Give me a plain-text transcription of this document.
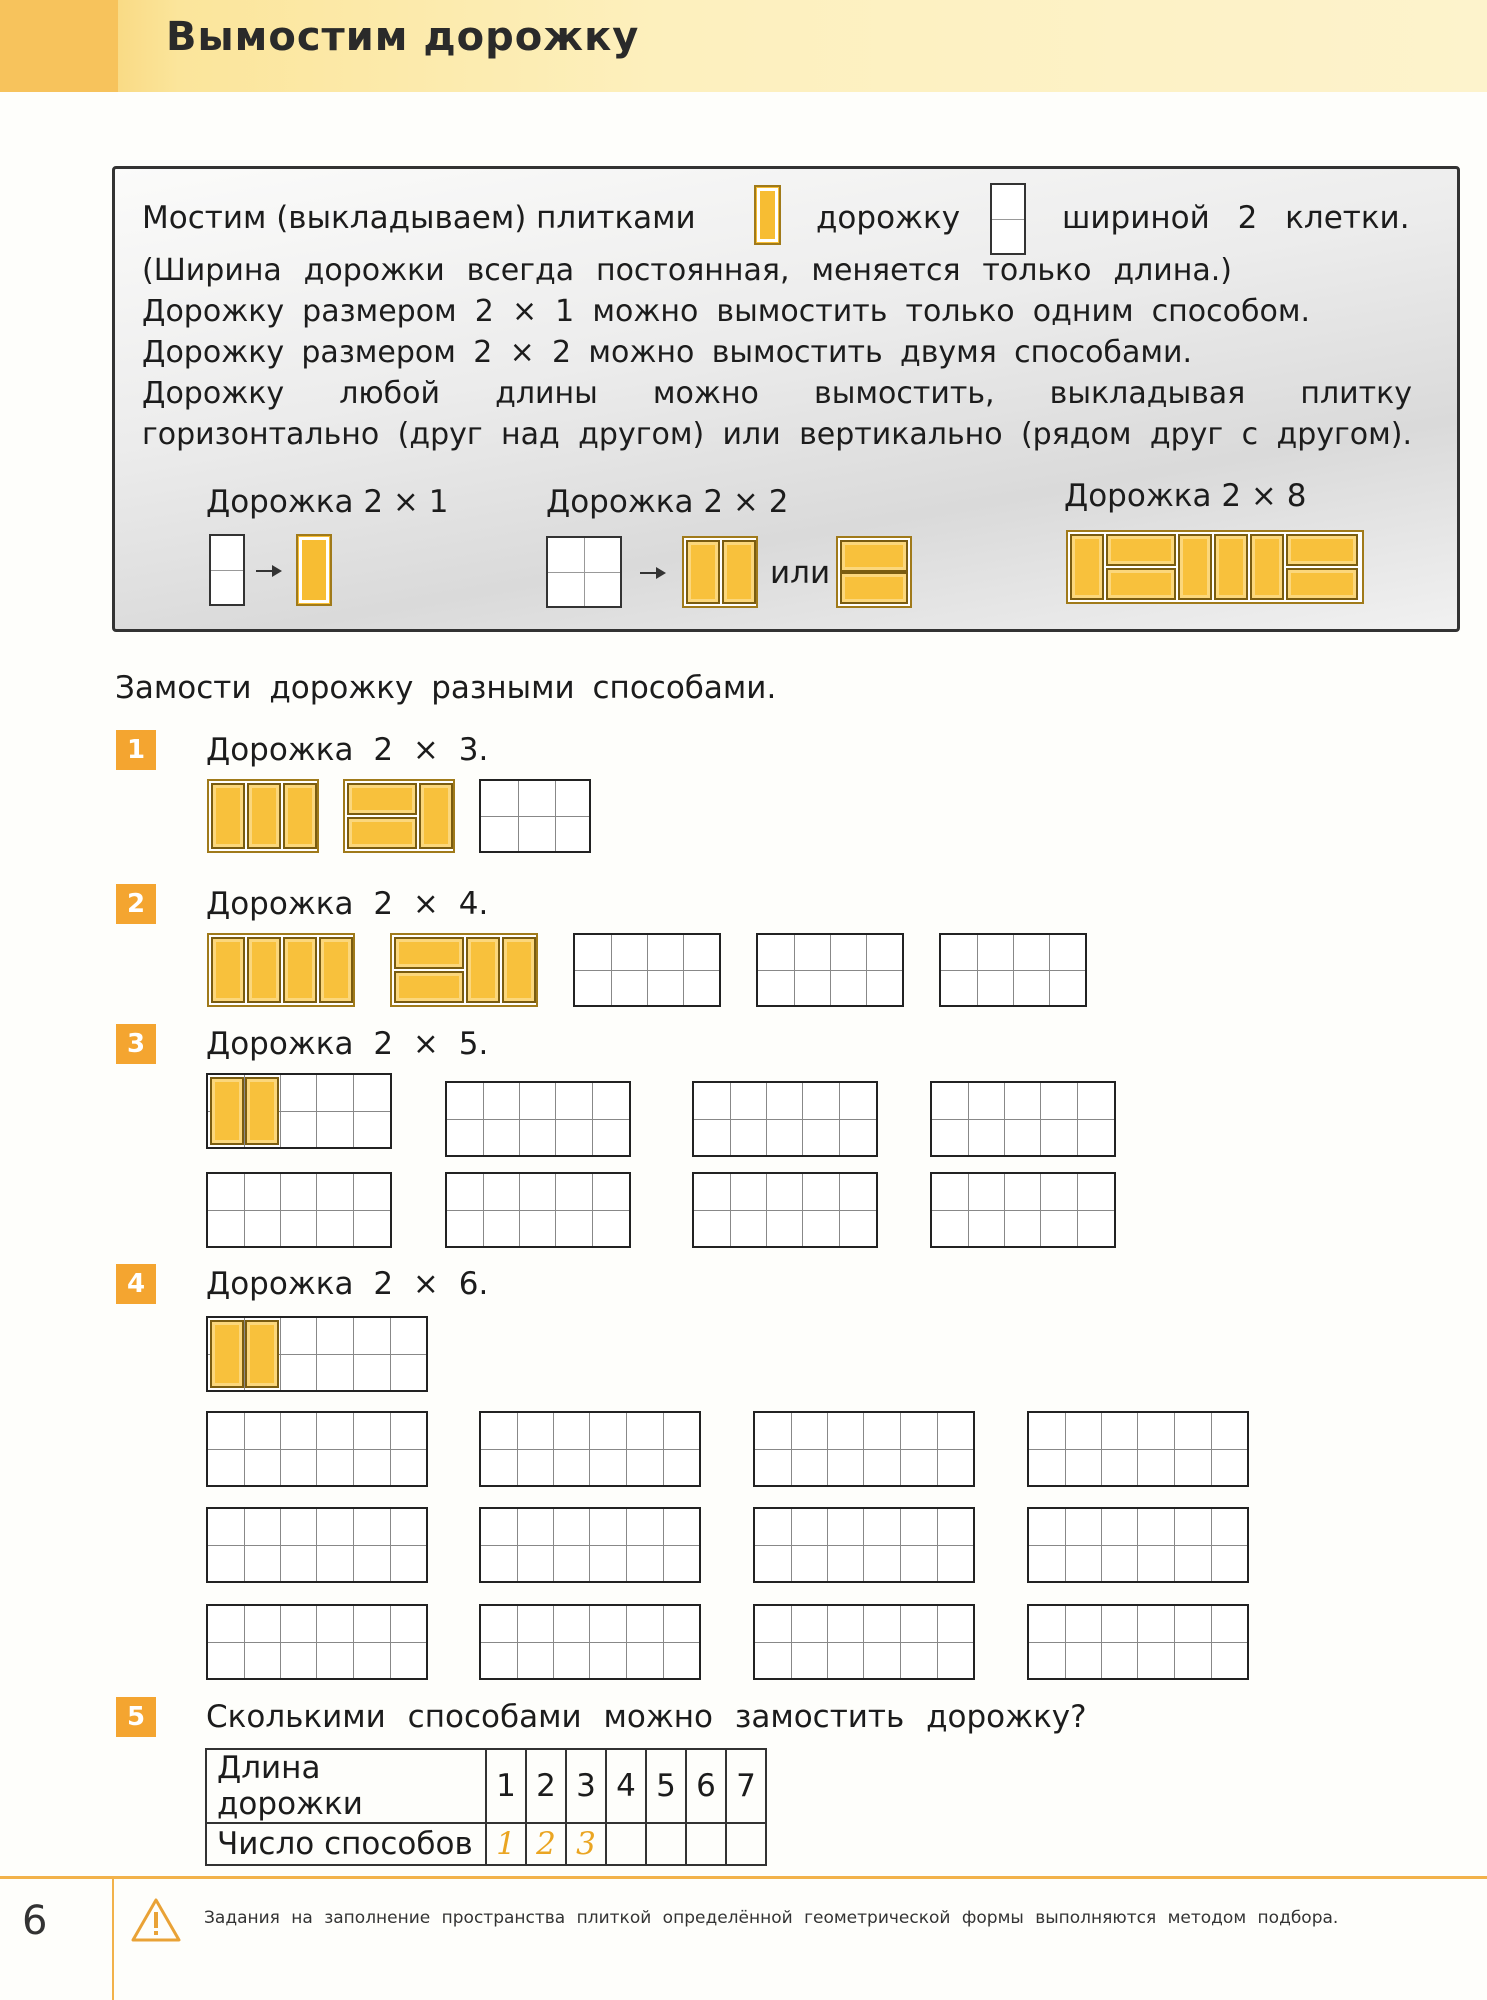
Вымостим дорожку
Мостим (выкладываем) плитками	дорожку	шириной 2 клетки.
(Ширина дорожки всегда постоянная, меняется только длина.)
Дорожку размером 2 × 1 можно вымостить только одним способом.
Дорожку размером 2 × 2 можно вымостить двумя способами.
Дорожку любой длины можно вымостить, выкладывая плитку
горизонтально (друг над другом) или вертикально (рядом друг с другом).
Дорожка 2 × 1	Дорожка 2 × 2
или
Дорожка 2 × 8
Замости дорожку разными способами.
1	Дорожка 2 × 3.
2	Дорожка 2 × 4.
3	Дорожка 2 × 5.
4	Дорожка 2 × 6.
5	Сколькими способами можно замостить дорожку?
Длина дорожки	1	2	3	4	5	6	7
Число способов	1	2	3				
6	Задания на заполнение пространства плиткой определённой геометрической формы выполняются методом подбора.
